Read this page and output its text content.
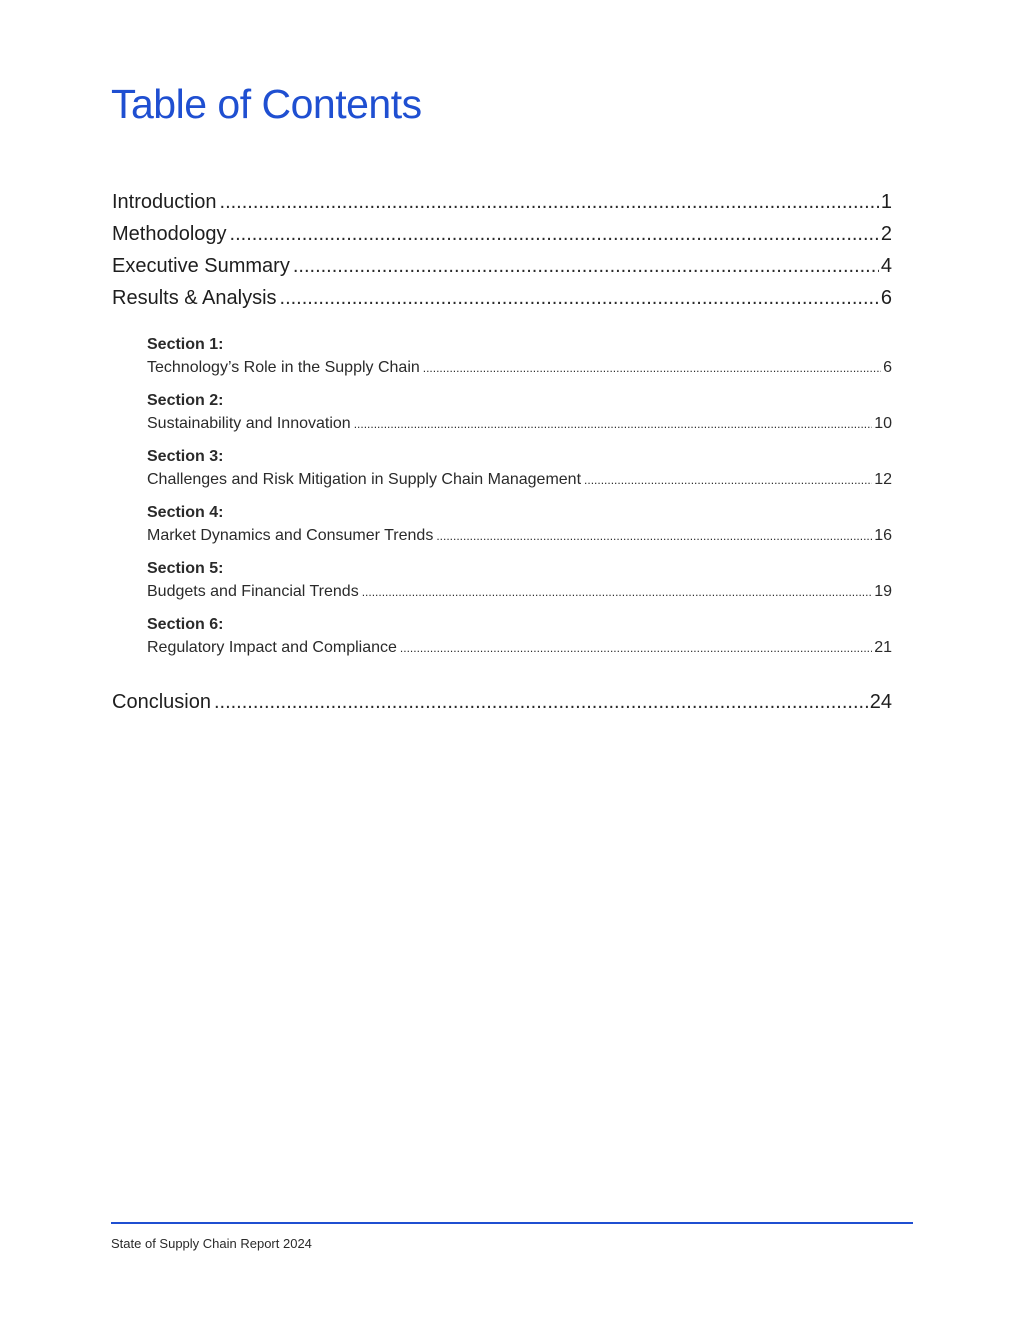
Table of Contents
Introduction .....	1
Methodology .....	2
Executive Summary .....	4
Results & Analysis .....	6
Section 1:
Technology’s Role in the Supply Chain .....	6
Section 2:
Sustainability and Innovation .....	10
Section 3:
Challenges and Risk Mitigation in Supply Chain Management .....	12
Section 4:
Market Dynamics and Consumer Trends .....	16
Section 5:
Budgets and Financial Trends .....	19
Section 6:
Regulatory Impact and Compliance .....	21
Conclusion .....	24
State of Supply Chain Report 2024
